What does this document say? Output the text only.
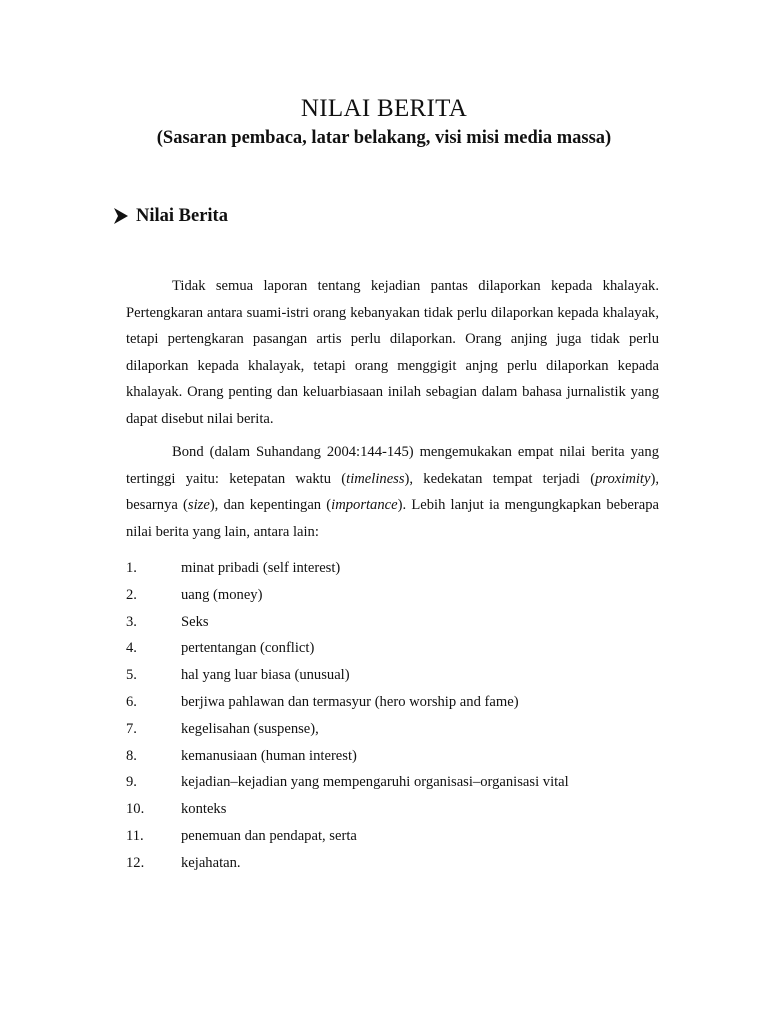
NILAI BERITA
(Sasaran pembaca, latar belakang, visi misi media massa)
Nilai Berita

Tidak semua laporan tentang kejadian pantas dilaporkan kepada khalayak. Pertengkaran antara suami-istri orang kebanyakan tidak perlu dilaporkan kepada khalayak, tetapi pertengkaran pasangan artis perlu dilaporkan. Orang anjing juga tidak perlu dilaporkan kepada khalayak, tetapi orang menggigit anjng perlu dilaporkan kepada khalayak. Orang penting dan keluarbiasaan inilah sebagian dalam bahasa jurnalistik yang dapat disebut nilai berita.

Bond (dalam Suhandang 2004:144-145) mengemukakan empat nilai berita yang tertinggi yaitu: ketepatan waktu (timeliness), kedekatan tempat terjadi (proximity), besarnya (size), dan kepentingan (importance). Lebih lanjut ia mengungkapkan beberapa nilai berita yang lain, antara lain:

1.	minat pribadi (self interest)
2.	uang (money)
3.	Seks
4.	pertentangan (conflict)
5.	hal yang luar biasa (unusual)
6.	berjiwa pahlawan dan termasyur (hero worship and fame)
7.	kegelisahan (suspense),
8.	kemanusiaan (human interest)
9.	kejadian–kejadian yang mempengaruhi organisasi–organisasi vital
10.	konteks
11.	penemuan dan pendapat, serta
12.	kejahatan.
